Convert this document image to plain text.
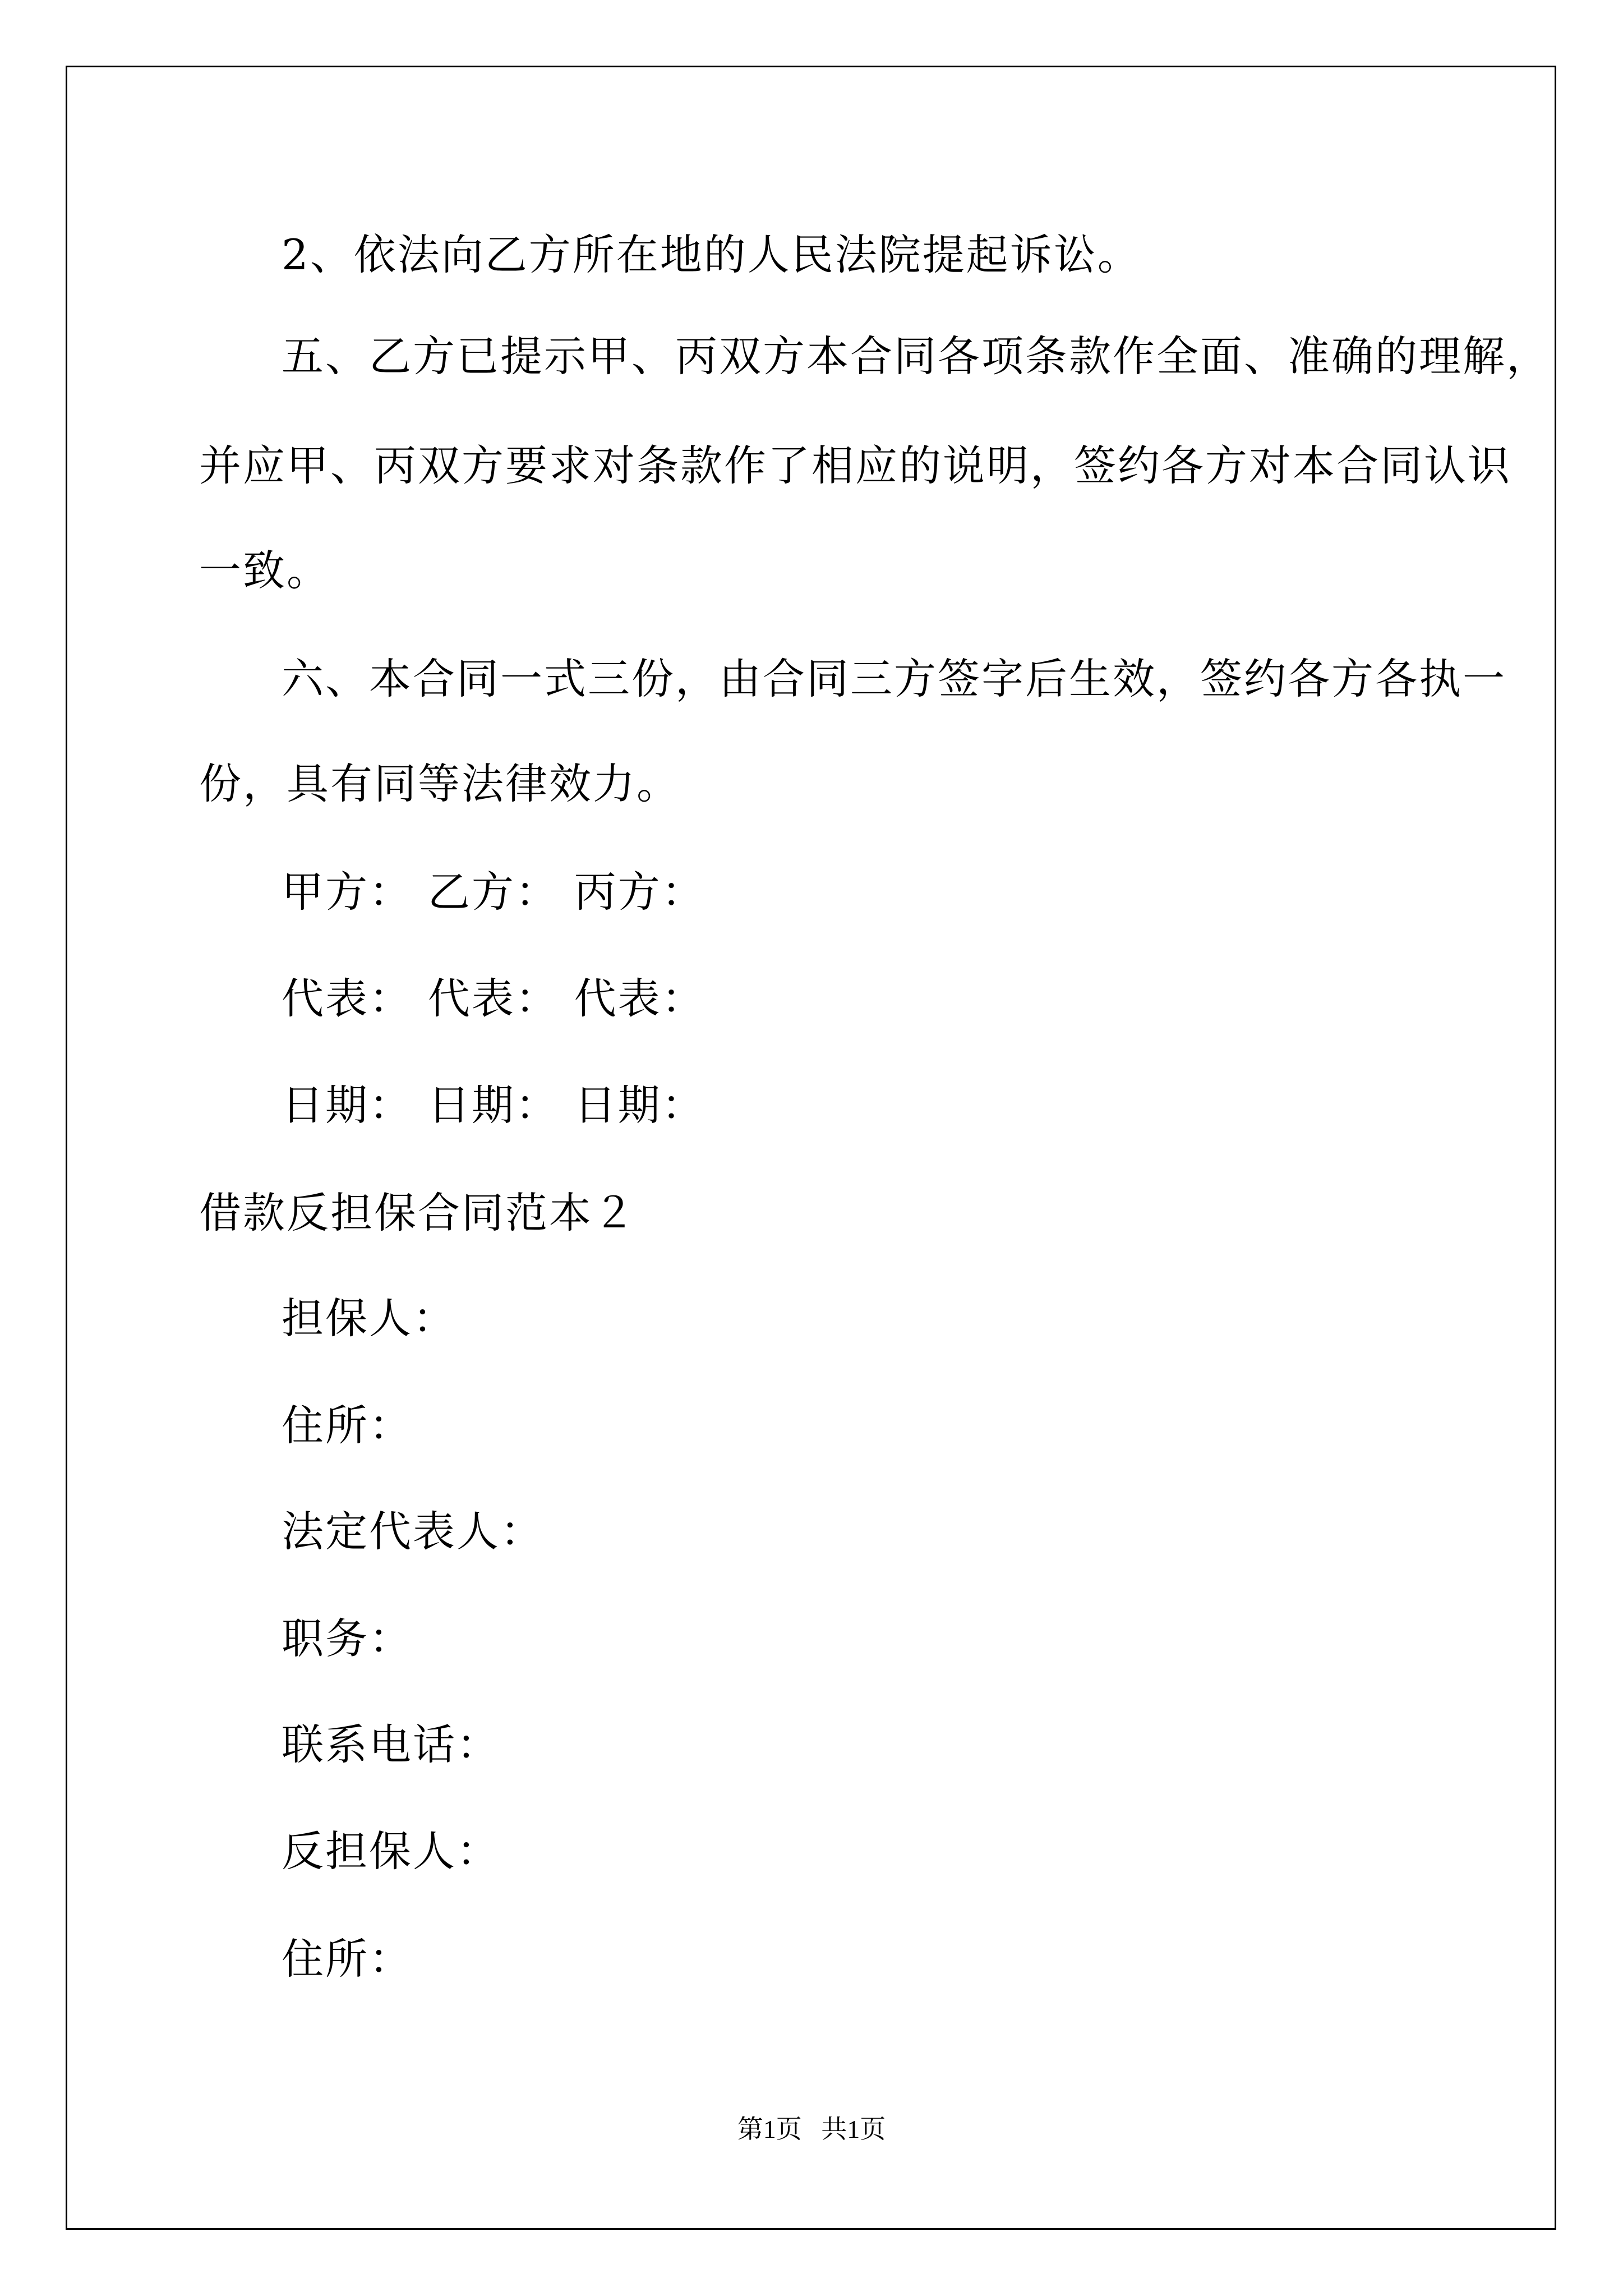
2、依法向乙方所在地的人民法院提起诉讼。

五、乙方已提示甲、丙双方本合同各项条款作全面、准确的理解，

并应甲、丙双方要求对条款作了相应的说明，签约各方对本合同认识

一致。

六、本合同一式三份，由合同三方签字后生效，签约各方各执一

份，具有同等法律效力。

甲方： 乙方： 丙方：

代表： 代表： 代表：

日期： 日期： 日期：

借款反担保合同范本２

担保人：

住所：

法定代表人：

职务：

联系电话：

反担保人：

住所：

第1页   共1页
